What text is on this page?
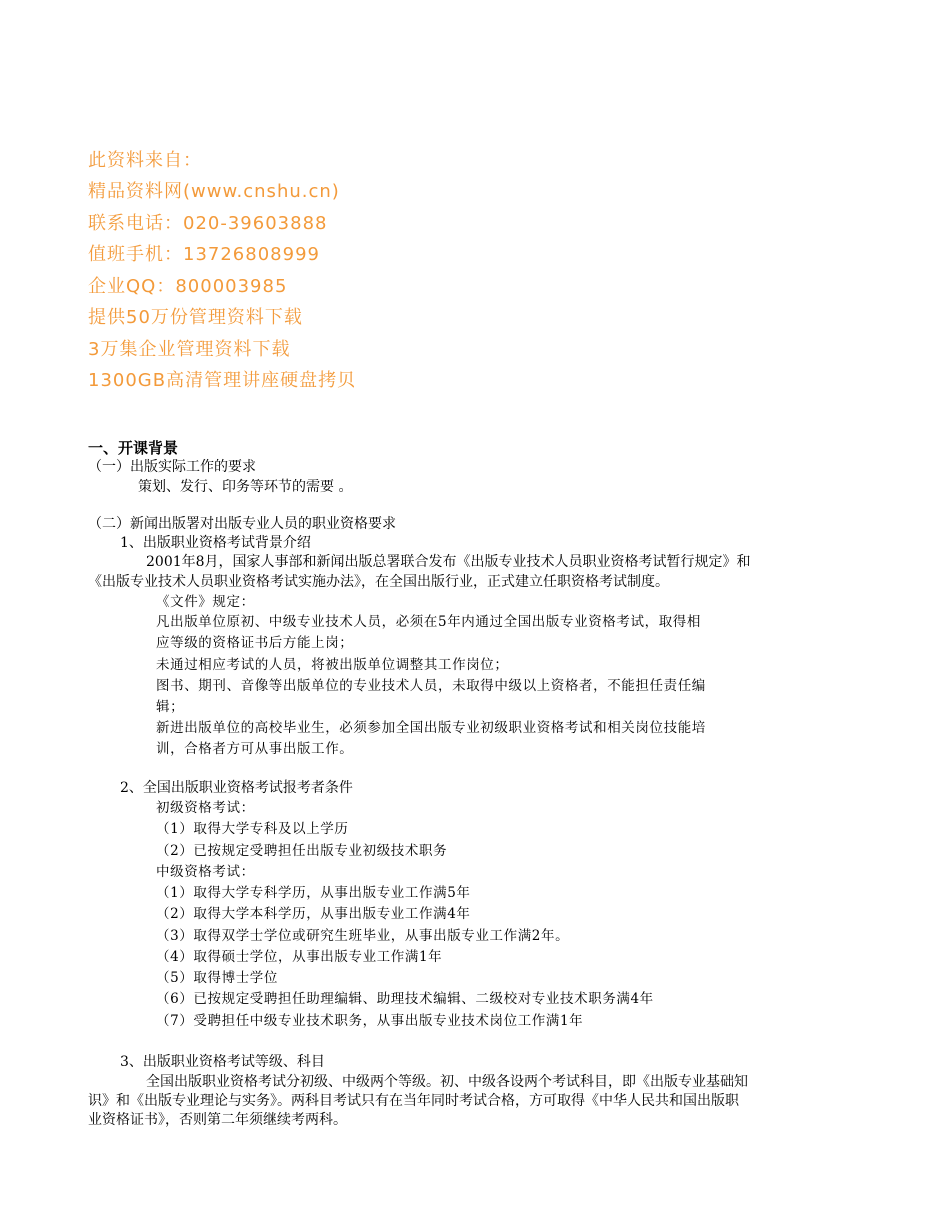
此资料来自：
精品资料网(www.cnshu.cn)
联系电话：020-39603888
值班手机：13726808999
企业QQ：800003985
提供50万份管理资料下载
3万集企业管理资料下载
1300GB高清管理讲座硬盘拷贝
一、开课背景
（一）出版实际工作的要求
策划、发行、印务等环节的需要 。
（二）新闻出版署对出版专业人员的职业资格要求
1、出版职业资格考试背景介绍
2001年8月，国家人事部和新闻出版总署联合发布《出版专业技术人员职业资格考试暂行规定》和
《出版专业技术人员职业资格考试实施办法》，在全国出版行业，正式建立任职资格考试制度。
《文件》规定：
凡出版单位原初、中级专业技术人员，必须在5年内通过全国出版专业资格考试，取得相
应等级的资格证书后方能上岗；
未通过相应考试的人员，将被出版单位调整其工作岗位；
图书、期刊、音像等出版单位的专业技术人员，未取得中级以上资格者，不能担任责任编
辑；
新进出版单位的高校毕业生，必须参加全国出版专业初级职业资格考试和相关岗位技能培
训，合格者方可从事出版工作。
2、全国出版职业资格考试报考者条件
初级资格考试：
（1）取得大学专科及以上学历
（2）已按规定受聘担任出版专业初级技术职务
中级资格考试：
（1）取得大学专科学历，从事出版专业工作满5年
（2）取得大学本科学历，从事出版专业工作满4年
（3）取得双学士学位或研究生班毕业，从事出版专业工作满2年。
（4）取得硕士学位，从事出版专业工作满1年
（5）取得博士学位
（6）已按规定受聘担任助理编辑、助理技术编辑、二级校对专业技术职务满4年
（7）受聘担任中级专业技术职务，从事出版专业技术岗位工作满1年
3、出版职业资格考试等级、科目
全国出版职业资格考试分初级、中级两个等级。初、中级各设两个考试科目，即《出版专业基础知
识》和《出版专业理论与实务》。两科目考试只有在当年同时考试合格，方可取得《中华人民共和国出版职
业资格证书》，否则第二年须继续考两科。
